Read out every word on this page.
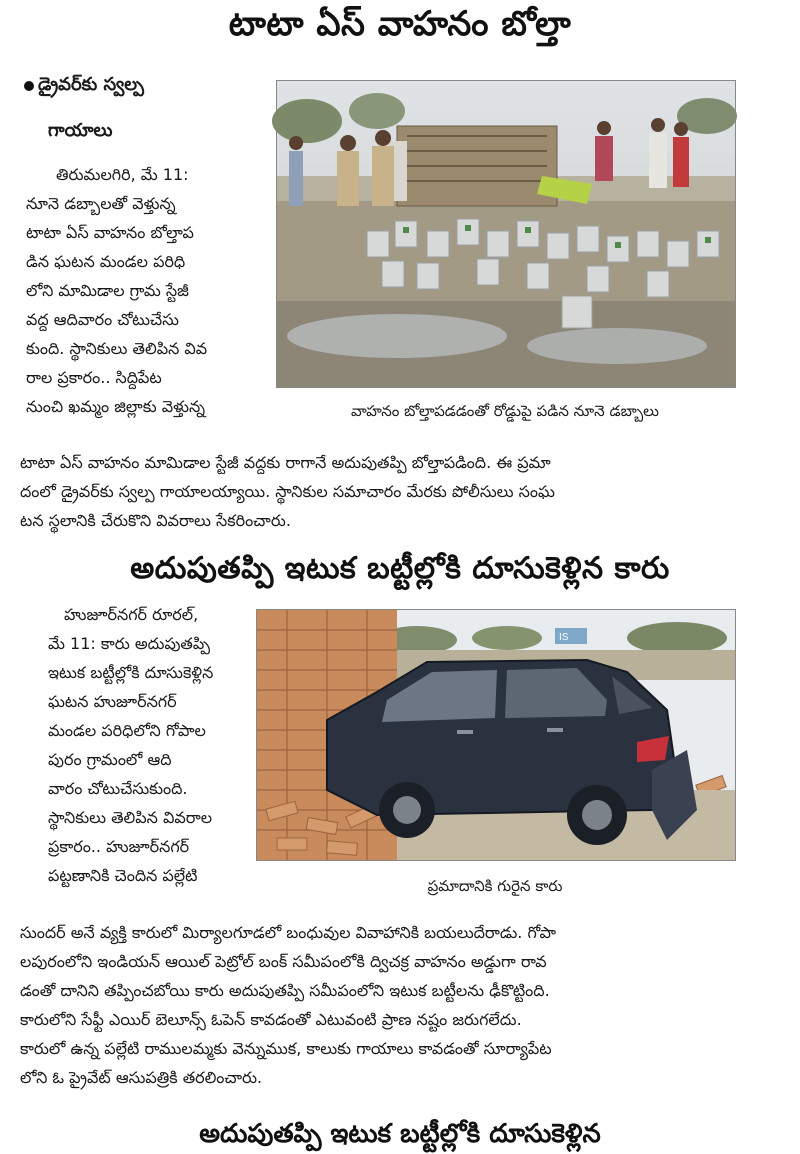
టాటా ఏస్ వాహనం బోల్తా
డ్రైవర్‌కు స్వల్ప
గాయాలు
తిరుమలగిరి, మే 11:
నూనె డబ్బాలతో వెళ్తున్న
టాటా ఏస్ వాహనం బోల్తాప
డిన ఘటన మండల పరిధి
లోని మామిడాల గ్రామ స్టేజీ
వద్ద ఆదివారం చోటుచేసు
కుంది. స్థానికులు తెలిపిన వివ
రాల ప్రకారం.. సిద్దిపేట
నుంచి ఖమ్మం జిల్లాకు వెళ్తున్న	వాహనం బోల్తాపడడంతో రోడ్డుపై పడిన నూనె డబ్బాలు
టాటా ఏస్ వాహనం మామిడాల స్టేజీ వద్దకు రాగానే అదుపుతప్పి బోల్తాపడింది. ఈ ప్రమా
దంలో డ్రైవర్‌కు స్వల్ప గాయాలయ్యాయి. స్థానికుల సమాచారం మేరకు పోలీసులు సంఘ
టన స్థలానికి చేరుకొని వివరాలు సేకరించారు.
అదుపుతప్పి ఇటుక బట్టీల్లోకి దూసుకెళ్లిన కారు
హుజూర్‌నగర్ రూరల్,
మే 11: కారు అదుపుతప్పి
ఇటుక బట్టీల్లోకి దూసుకెళ్లిన
ఘటన హుజూర్‌నగర్
మండల పరిధిలోని గోపాల
పురం గ్రామంలో ఆది
వారం చోటుచేసుకుంది.
స్థానికులు తెలిపిన వివరాల
ప్రకారం.. హుజూర్‌నగర్
పట్టణానికి చెందిన పల్లేటి
IS
ప్రమాదానికి గురైన కారు
సుందర్ అనే వ్యక్తి కారులో మిర్యాలగూడలో బంధువుల వివాహానికి బయలుదేరాడు. గోపా
లపురంలోని ఇండియన్ ఆయిల్ పెట్రోల్ బంక్ సమీపంలోకి ద్విచక్ర వాహనం అడ్డుగా రావ
డంతో దానిని తప్పించబోయి కారు అదుపుతప్పి సమీపంలోని ఇటుక బట్టీలను ఢీకొట్టింది.
కారులోని సేఫ్టీ ఎయిర్ బెలూన్స్ ఓపెన్ కావడంతో ఎటువంటి ప్రాణ నష్టం జరుగలేదు.
కారులో ఉన్న పల్లేటి రాములమ్మకు వెన్నుముక, కాలుకు గాయాలు కావడంతో సూర్యాపేట
లోని ఓ ప్రైవేట్ ఆసుపత్రికి తరలించారు.
అదుపుతప్పి ఇటుక బట్టీల్లోకి దూసుకెళ్లిన
